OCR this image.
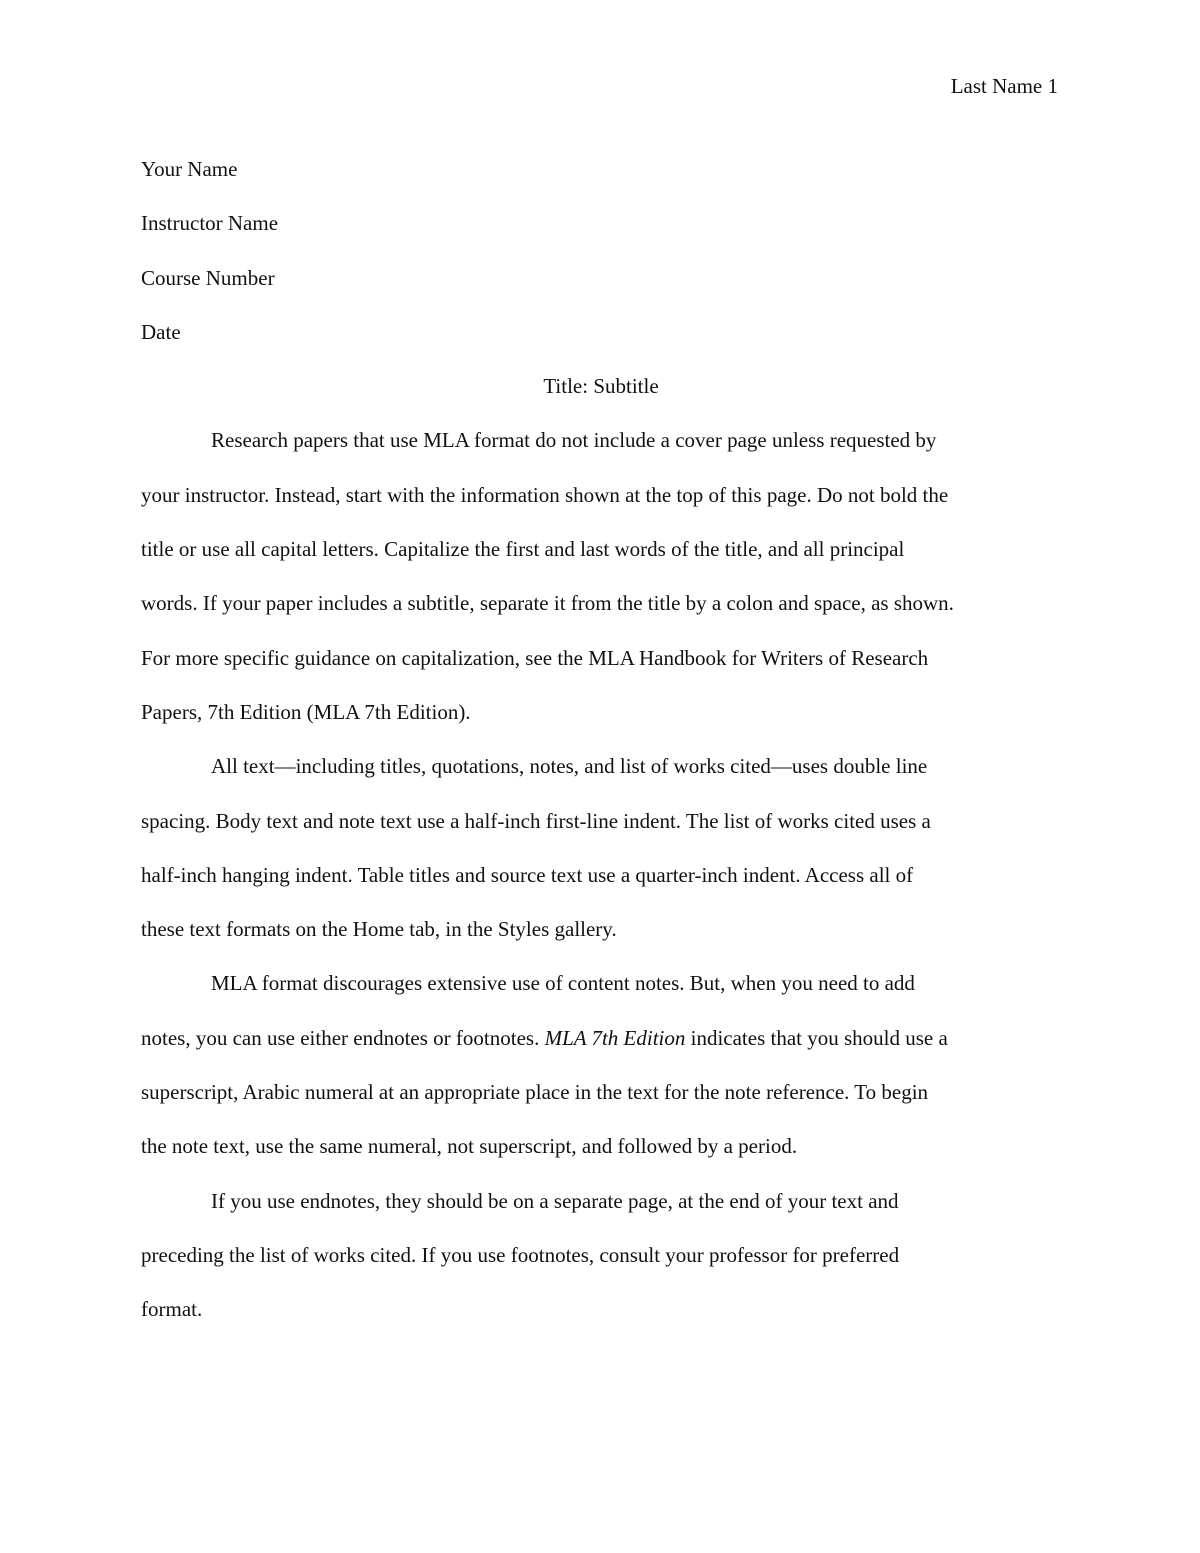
Last Name 1

Your Name

Instructor Name

Course Number

Date

Title: Subtitle

Research papers that use MLA format do not include a cover page unless requested by
your instructor. Instead, start with the information shown at the top of this page. Do not bold the
title or use all capital letters. Capitalize the first and last words of the title, and all principal
words. If your paper includes a subtitle, separate it from the title by a colon and space, as shown.
For more specific guidance on capitalization, see the MLA Handbook for Writers of Research
Papers, 7th Edition (MLA 7th Edition).

All text—including titles, quotations, notes, and list of works cited—uses double line
spacing. Body text and note text use a half-inch first-line indent. The list of works cited uses a
half-inch hanging indent. Table titles and source text use a quarter-inch indent. Access all of
these text formats on the Home tab, in the Styles gallery.

MLA format discourages extensive use of content notes. But, when you need to add
notes, you can use either endnotes or footnotes. MLA 7th Edition indicates that you should use a
superscript, Arabic numeral at an appropriate place in the text for the note reference. To begin
the note text, use the same numeral, not superscript, and followed by a period.

If you use endnotes, they should be on a separate page, at the end of your text and
preceding the list of works cited. If you use footnotes, consult your professor for preferred
format.
